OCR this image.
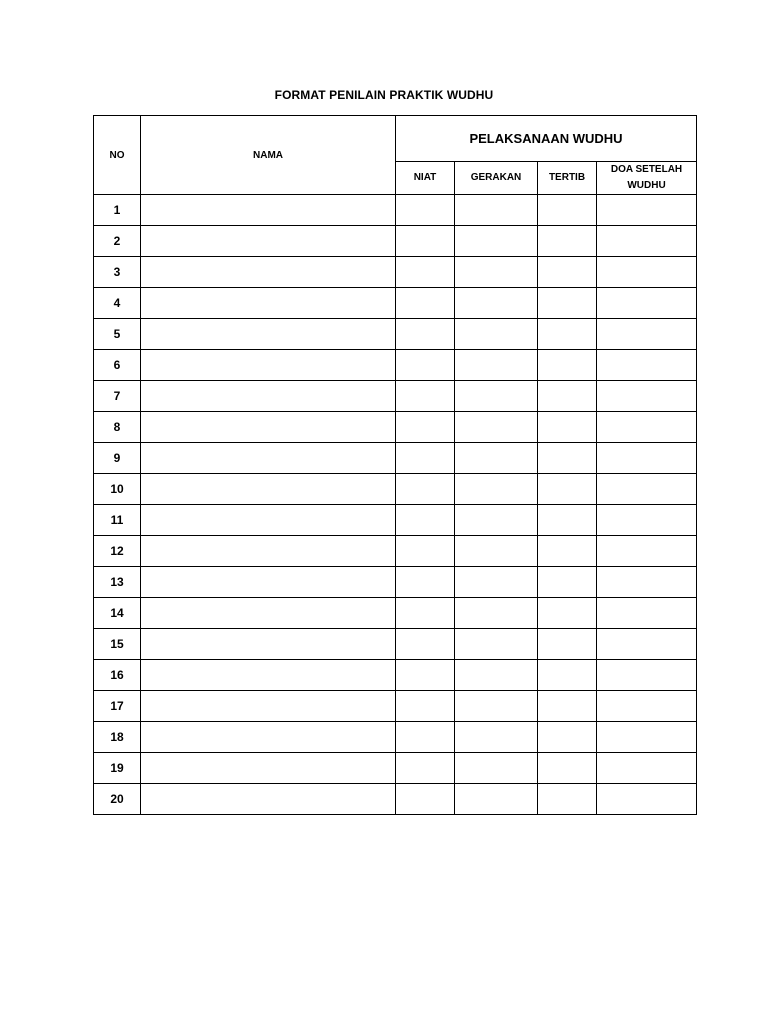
FORMAT PENILAIN PRAKTIK WUDHU
NO	NAMA	PELAKSANAAN WUDHU			
		NIAT	GERAKAN	TERTIB	DOA SETELAH
WUDHU
1					
2					
3					
4					
5					
6					
7					
8					
9					
10					
11					
12					
13					
14					
15					
16					
17					
18					
19					
20					
